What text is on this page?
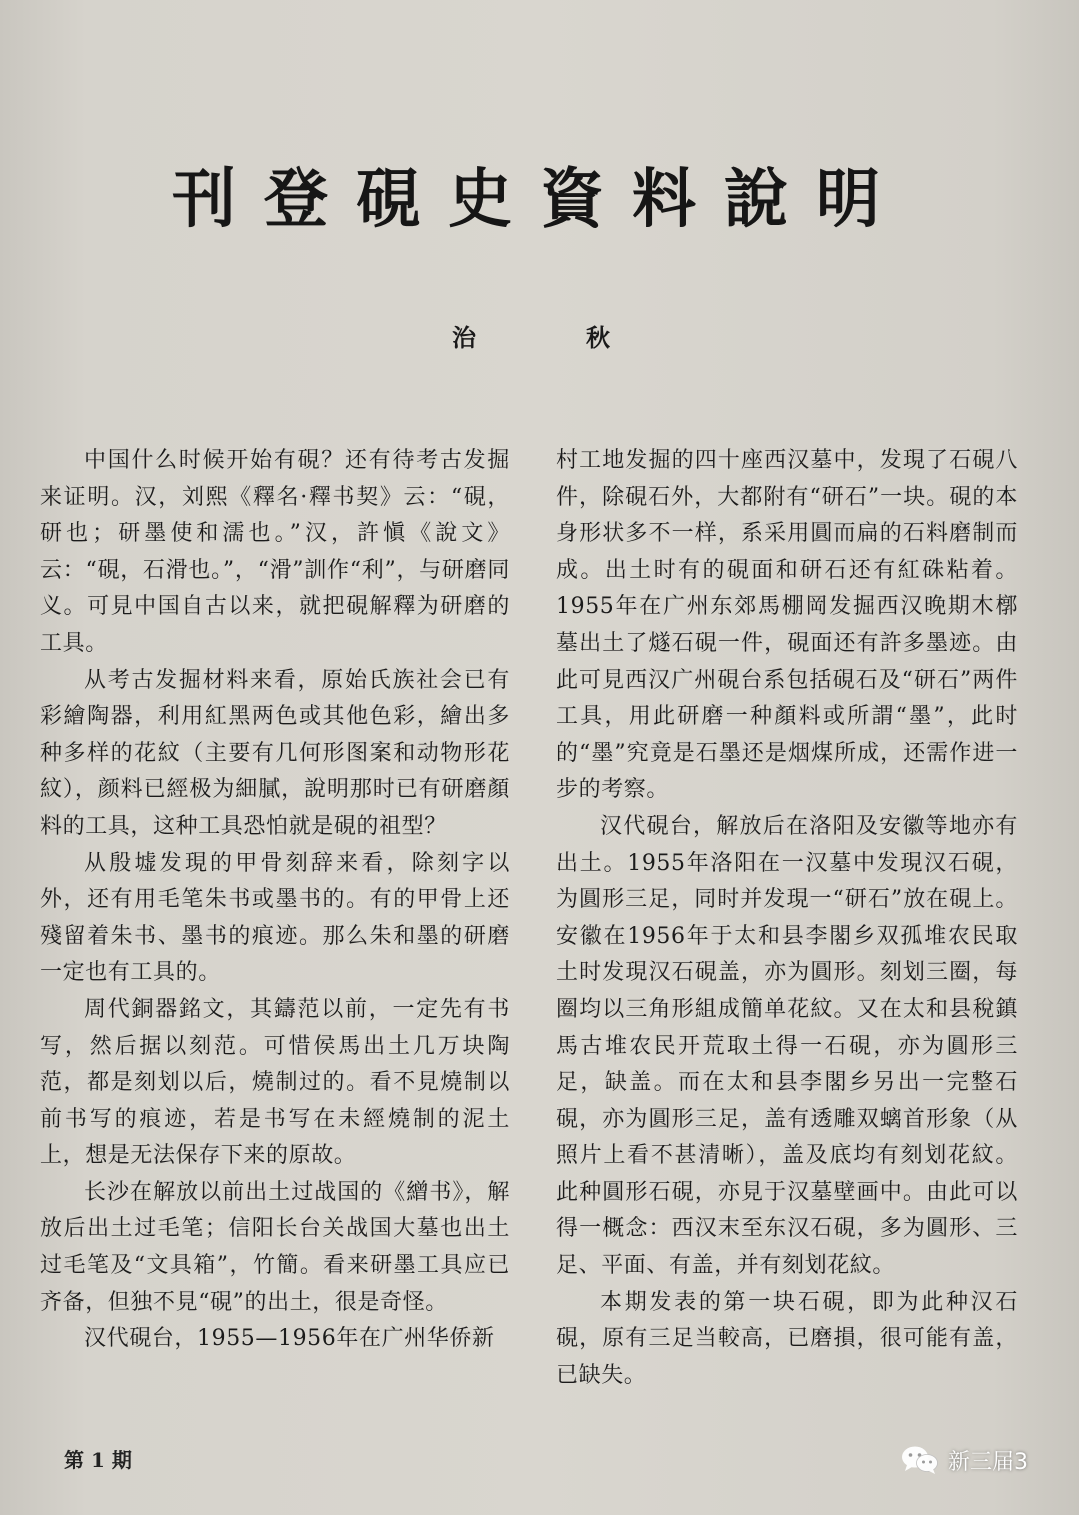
刊登硯史資料說明
治	秋

中国什么时候开始有硯？还有待考古发掘来证明。汉，刘熙《釋名·釋书契》云：“硯，研也；研墨使和濡也。”汉，許愼《說文》云：“硯，石滑也。”，“滑”訓作“利”，与研磨同义。可見中国自古以来，就把硯解釋为研磨的工具。

从考古发掘材料来看，原始氏族社会已有彩繪陶器，利用紅黑两色或其他色彩，繪出多种多样的花紋（主要有几何形图案和动物形花紋），颜料已經极为細膩，說明那时已有研磨顏料的工具，这种工具恐怕就是硯的祖型？

从殷墟发現的甲骨刻辞来看，除刻字以外，还有用毛笔朱书或墨书的。有的甲骨上还殘留着朱书、墨书的痕迹。那么朱和墨的研磨一定也有工具的。

周代銅器銘文，其鑄范以前，一定先有书写，然后据以刻范。可惜侯馬出土几万块陶范，都是刻划以后，燒制过的。看不見燒制以前书写的痕迹，若是书写在未經燒制的泥土上，想是无法保存下来的原故。

长沙在解放以前出土过战国的《繒书》，解放后出土过毛笔；信阳长台关战国大墓也出土过毛笔及“文具箱”，竹簡。看来研墨工具应已齐备，但独不見“硯”的出土，很是奇怪。

汉代硯台，1955—1956年在广州华侨新

村工地发掘的四十座西汉墓中，发現了石硯八件，除硯石外，大都附有“研石”一块。硯的本身形状多不一样，系采用圓而扁的石料磨制而成。出土时有的硯面和研石还有紅硃粘着。1955年在广州东郊馬棚岡发掘西汉晚期木槨墓出土了燧石硯一件，硯面还有許多墨迹。由此可見西汉广州硯台系包括硯石及“研石”两件工具，用此研磨一种顏料或所謂“墨”，此时的“墨”究竟是石墨还是烟煤所成，还需作进一步的考察。

汉代硯台，解放后在洛阳及安徽等地亦有出土。1955年洛阳在一汉墓中发現汉石硯，为圓形三足，同时并发現一“研石”放在硯上。安徽在1956年于太和县李閣乡双孤堆农民取土时发現汉石硯盖，亦为圓形。刻划三圈，每圈均以三角形組成簡单花紋。又在太和县稅鎮馬古堆农民开荒取土得一石硯，亦为圓形三足，缺盖。而在太和县李閣乡另出一完整石硯，亦为圓形三足，盖有透雕双螭首形象（从照片上看不甚清晰），盖及底均有刻划花紋。此种圓形石硯，亦見于汉墓壁画中。由此可以得一概念：西汉末至东汉石硯，多为圓形、三足、平面、有盖，并有刻划花紋。

本期发表的第一块石硯，即为此种汉石硯，原有三足当較高，已磨損，很可能有盖，已缺失。

第 1 期	新三届3
